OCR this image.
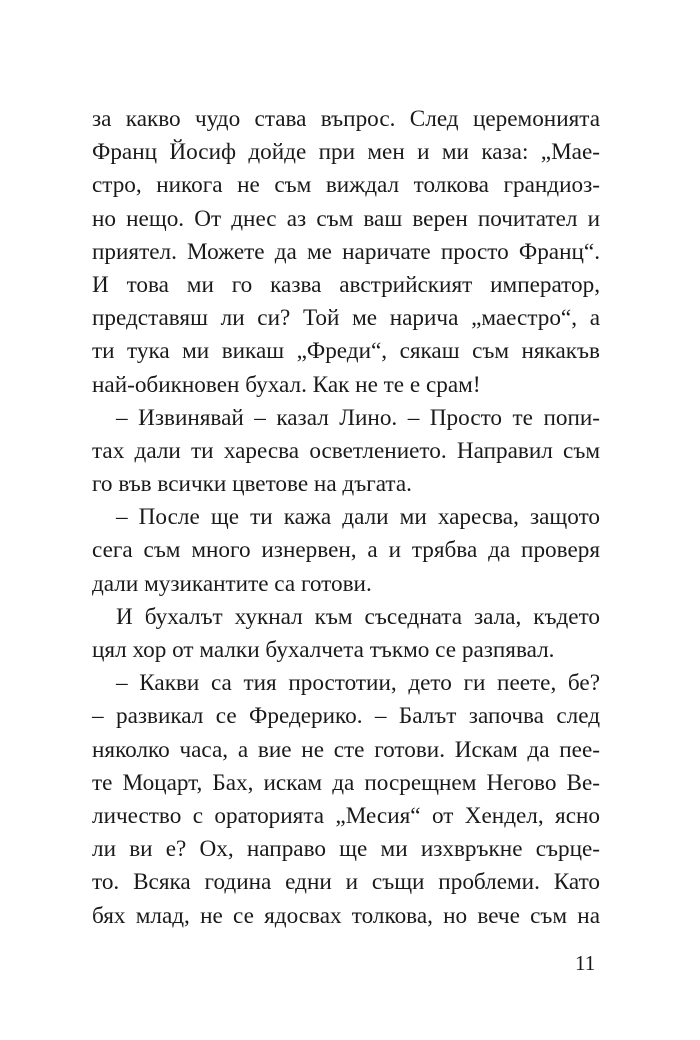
за какво чудо става въпрос. След церемонията
Франц Йосиф дойде при мен и ми каза: „Мае-
стро, никога не съм виждал толкова грандиоз-
но нещо. От днес аз съм ваш верен почитател и
приятел. Можете да ме наричате просто Франц“.
И това ми го казва австрийският император,
представяш ли си? Той ме нарича „маестро“, а
ти тука ми викаш „Фреди“, сякаш съм някакъв
най-обикновен бухал. Как не те е срам!
– Извинявай – казал Лино. – Просто те попи-
тах дали ти харесва осветлението. Направил съм
го във всички цветове на дъгата.
– После ще ти кажа дали ми харесва, защото
сега съм много изнервен, а и трябва да проверя
дали музикантите са готови.
И бухалът хукнал към съседната зала, където
цял хор от малки бухалчета тъкмо се разпявал.
– Какви са тия простотии, дето ги пеете, бе?
– развикал се Фредерико. – Балът започва след
няколко часа, а вие не сте готови. Искам да пее-
те Моцарт, Бах, искам да посрещнем Негово Ве-
личество с ораторията „Месия“ от Хендел, ясно
ли ви е? Ох, направо ще ми изхвръкне сърце-
то. Всяка година едни и същи проблеми. Като
бях млад, не се ядосвах толкова, но вече съм на
11
